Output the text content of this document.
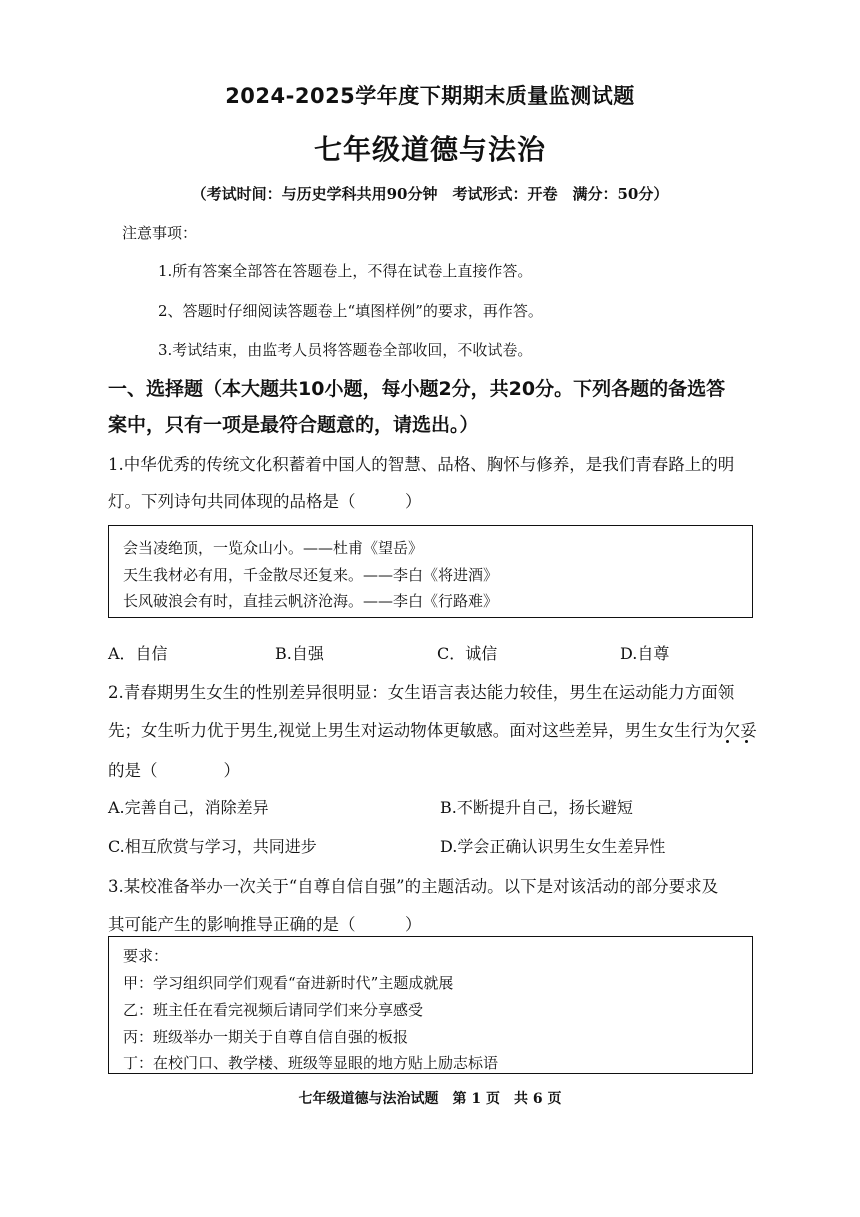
2024-2025学年度下期期末质量监测试题
七年级道德与法治
（考试时间：与历史学科共用90分钟　考试形式：开卷　满分：50分）
注意事项：
1.所有答案全部答在答题卷上，不得在试卷上直接作答。
2、答题时仔细阅读答题卷上“填图样例”的要求，再作答。
3.考试结束，由监考人员将答题卷全部收回，不收试卷。
一、选择题（本大题共10小题，每小题2分，共20分。下列各题的备选答
案中，只有一项是最符合题意的，请选出。）
1.中华优秀的传统文化积蓄着中国人的智慧、品格、胸怀与修养，是我们青春路上的明
灯。下列诗句共同体现的品格是（　　　）
会当凌绝顶，一览众山小。——杜甫《望岳》
天生我材必有用，千金散尽还复来。——李白《将进酒》
长风破浪会有时，直挂云帆济沧海。——李白《行路难》
A．自信	B.自强	C．诚信	D.自尊
2.青春期男生女生的性别差异很明显：女生语言表达能力较佳，男生在运动能力方面领
先；女生听力优于男生,视觉上男生对运动物体更敏感。面对这些差异，男生女生行为欠妥
的是（　　　　）
A.完善自己，消除差异	B.不断提升自己，扬长避短
C.相互欣赏与学习，共同进步	D.学会正确认识男生女生差异性
3.某校准备举办一次关于“自尊自信自强”的主题活动。以下是对该活动的部分要求及
其可能产生的影响推导正确的是（　　　）
要求：
甲：学习组织同学们观看“奋进新时代”主题成就展
乙：班主任在看完视频后请同学们来分享感受
丙：班级举办一期关于自尊自信自强的板报
丁：在校门口、教学楼、班级等显眼的地方贴上励志标语
七年级道德与法治试题　第 1 页　共 6 页
